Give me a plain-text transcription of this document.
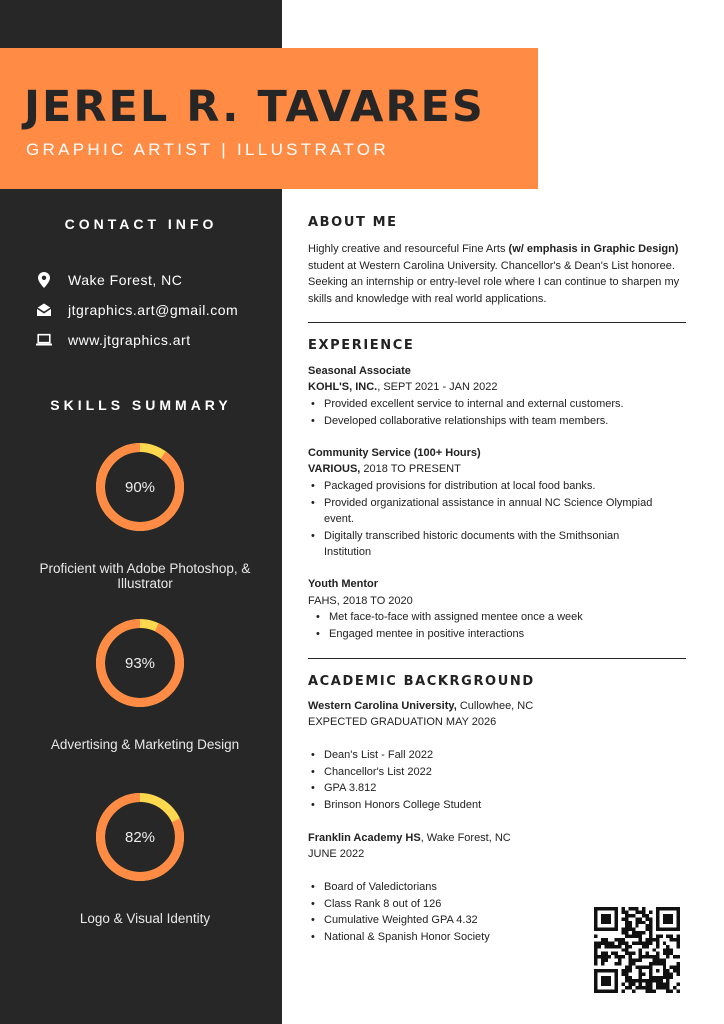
JEREL R. TAVARES
GRAPHIC ARTIST | ILLUSTRATOR
CONTACT INFO
Wake Forest, NC
jtgraphics.art@gmail.com
www.jtgraphics.art
SKILLS SUMMARY
90%
Proficient with Adobe Photoshop, & Illustrator
93%
Advertising & Marketing Design
82%
Logo & Visual Identity
ABOUT ME
Highly creative and resourceful Fine Arts (w/ emphasis in Graphic Design) student at Western Carolina University. Chancellor's & Dean's List honoree. Seeking an internship or entry-level role where I can continue to sharpen my skills and knowledge with real world applications.
EXPERIENCE
Seasonal Associate
KOHL'S, INC., SEPT 2021 - JAN 2022
• Provided excellent service to internal and external customers.
• Developed collaborative relationships with team members.
Community Service (100+ Hours)
VARIOUS, 2018 TO PRESENT
• Packaged provisions for distribution at local food banks.
• Provided organizational assistance in annual NC Science Olympiad event.
• Digitally transcribed historic documents with the Smithsonian Institution
Youth Mentor
FAHS, 2018 TO 2020
• Met face-to-face with assigned mentee once a week
• Engaged mentee in positive interactions
ACADEMIC BACKRGROUND
Western Carolina University, Cullowhee, NC
EXPECTED GRADUATION MAY 2026
• Dean's List - Fall 2022
• Chancellor's List 2022
• GPA 3.812
• Brinson Honors College Student
Franklin Academy HS, Wake Forest, NC
JUNE 2022
• Board of Valedictorians
• Class Rank 8 out of 126
• Cumulative Weighted GPA 4.32
• National & Spanish Honor Society
